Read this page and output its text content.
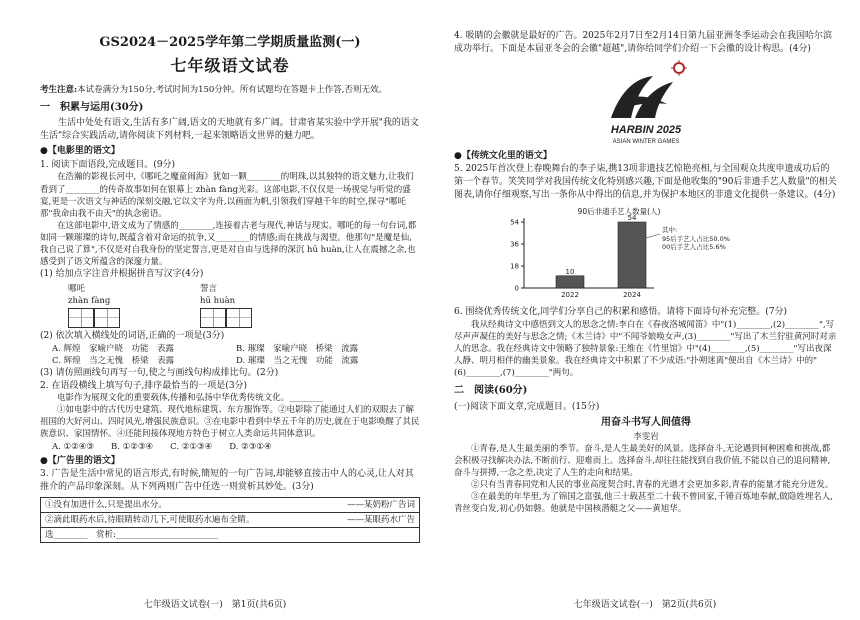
GS2024－2025学年第二学期质量监测(一)
七年级语文试卷
考生注意:本试卷满分为150分,考试时间为150分钟。所有试题均在答题卡上作答,否则无效。
一　积累与运用(30分)

生活中处处有语文,生活有多广阔,语文的天地就有多广阔。甘肃省某实验中学开展"我的语文生活"综合实践活动,请你阅读下列材料,一起来领略语文世界的魅力吧。

●【电影里的语文】
1. 阅读下面语段,完成题目。(9分)

在浩瀚的影视长河中,《哪吒之魔童闹海》犹如一颗________的明珠,以其独特的语文魅力,让我们看到了________的传奇故事如何在银幕上 zhàn fàng光彩。这部电影,不仅仅是一场视觉与听觉的盛宴,更是一次语文与神话的深刻交融,它以文字为舟,以画面为帆,引领我们穿越千年的时空,探寻"哪吒那"我命由我不由天"的执念密语。

在这部电影中,语文成为了情感的________,连接着古老与现代,神话与现实。哪吒的每一句台词,都如同一颗璀璨的诗句,既蕴含着对命运的抗争,又________的情感;而在挑战与渴望。他那句"是魔是仙,我自己说了算",不仅是对自我身份的坚定誓言,更是对自由与选择的深沉 hū huàn,让人在震撼之余,也感受到了语文所蕴含的深邃力量。

(1) 给加点字注音并根据拼音写汉字(4分)
哪吒
zhàn fàng
誓言
hū huàn
(2) 依次填入横线处的词语,正确的一项是(3分)
A. 辉煌　家喻户晓　功能　表露	B. 璀璨　家喻户晓　桥梁　流露
C. 辉煌　当之无愧　桥梁　表露	D. 璀璨　当之无愧　功能　流露
(3) 请仿照画线句再写一句,使之与画线句构成排比句。(2分)
2. 在语段横线上填写句子,排序最恰当的一项是(3分)

电影作为展现文化的重要载体,传播和弘扬中华优秀传统文化。________

①如电影中的古代历史建筑、现代地标建筑、东方服饰等。②电影除了能通过人们的双眼去了解祖国的大好河山、四时风光,增强民族意识。③在电影中看到中华五千年的历史,就在于电影唤醒了其民族意识、家国情怀。④还能间接体现地方特色于树立人类命运共同体意识。

A. ①②④③　　B. ①②③④　　C. ②①③④　　D. ②③①④
●【广告里的语文】
3. 广告是生活中常见的语言形式,有时候,簡短的一句广告词,却能够直接击中人的心灵,让人对其推介的产品印象深刻。从下列两则广告中任选一则赏析其妙处。(3分)
①没有加进什么,只是提出水分。	——某奶粉广告词
②滴此眼药水后,待眼睛转动几下,可使眼药水遍布全睛。	——某眼药水广告
选________　赏析:________________________
七年级语文试卷(一)　第1页(共6页)
4. 吸睛的会徽就是最好的广告。2025年2月7日至2月14日第九届亚洲冬季运动会在我国哈尔滨成功举行。下面是本届亚冬会的会徽"超越",请你给同学们介绍一下会徽的设计构思。(4分)
HARBIN 2025
ASIAN WINTER GAMES
●【传统文化里的语文】
5. 2025年首次登上春晚舞台的李子柒,携13项非遗技艺惊艳亮相,与全国观众共度申遗成功后的第一个春节。笑笑同学对我国传统文化特别感兴趣,下面是他收集的"90后非遗手艺人数量"的相关图表,请你仔细观察,写出一条你从中得出的信息,并为保护本地区的非遗文化提供一条建议。(4分)
90后非遗手艺人数量(人)
0
18
36
54
10
2022
54
2024
其中:
95后手艺人占比50.0%
00后手艺人占比5.6%
6. 围绕优秀传统文化,同学们分享自己的积累和感悟。请将下面诗句补充完整。(7分)

我从经典诗文中感悟到文人的思念之情:李白在《春夜洛城闻笛》中"(1)________,(2)________",写尽声声凝住的美好与思念之情;《木兰诗》中"不闻爷娘唤女声,(3)________"写出了木兰狞驻黄河时对亲人的思念。我在经典诗文中领略了独特景象:王维在《竹里馆》中"(4)________,(5)________"写出夜深人静、明月相伴的幽美景象。我在经典诗文中积累了不少成语:"扑朔迷离"便出自《木兰诗》中的"(6)________,(7)________"两句。

二　阅读(60分)
(一)阅读下面文章,完成题目。(15分)
用奋斗书写人间值得
李雯岩

①青春,是人生最美丽的季节。奋斗,是人生最美好的风景。选择奋斗,无论遇到何种困难和挑战,都会积极寻找解决办法,不断前行、迎难而上。选择奋斗,却往往能找到自我价值,不能以自己的追问精神,奋斗与拼搏,一念之差,决定了人生的走向和结果。

②只有当青春同党和人民的事业高度契合时,青春的光谱才会更加多彩,青春的能量才能充分迸发。

③在最美的年华里,为了锦国之富强,他三十载甚至二十载不曾回家,千锤百炼地奉献,做隐姓埋名人,青丝变白发,初心仍如磐。他就是中国核潜艇之父——黄旭华。

七年级语文试卷(一)　第2页(共6页)
